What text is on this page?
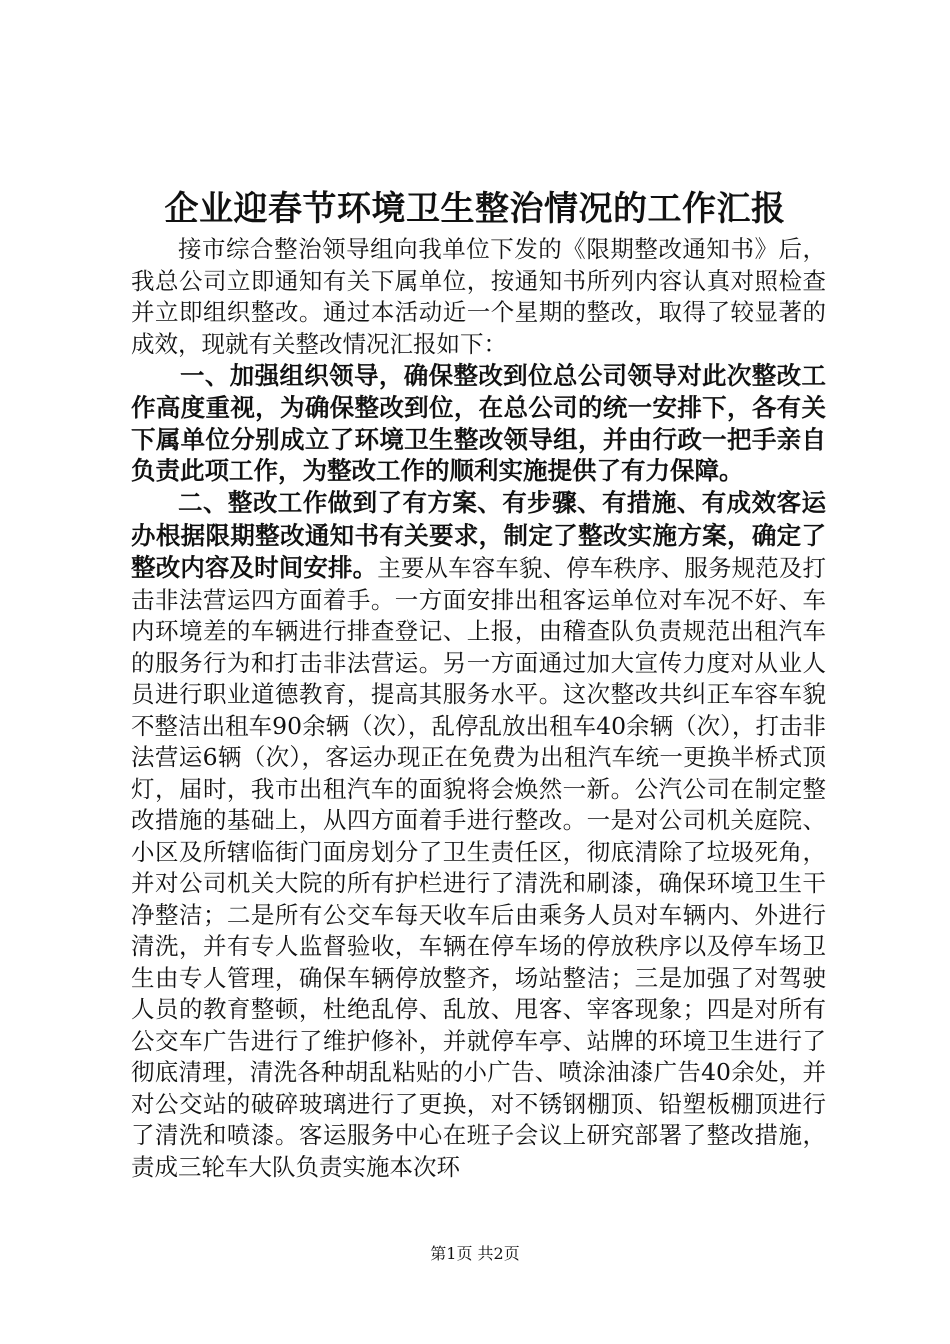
企业迎春节环境卫生整治情况的工作汇报

接市综合整治领导组向我单位下发的《限期整改通知书》后，我总公司立即通知有关下属单位，按通知书所列内容认真对照检查并立即组织整改。通过本活动近一个星期的整改，取得了较显著的成效，现就有关整改情况汇报如下：

一、加强组织领导，确保整改到位总公司领导对此次整改工作高度重视，为确保整改到位，在总公司的统一安排下，各有关下属单位分别成立了环境卫生整改领导组，并由行政一把手亲自负责此项工作，为整改工作的顺利实施提供了有力保障。

二、整改工作做到了有方案、有步骤、有措施、有成效客运办根据限期整改通知书有关要求，制定了整改实施方案，确定了整改内容及时间安排。主要从车容车貌、停车秩序、服务规范及打击非法营运四方面着手。一方面安排出租客运单位对车况不好、车内环境差的车辆进行排查登记、上报，由稽查队负责规范出租汽车的服务行为和打击非法营运。另一方面通过加大宣传力度对从业人员进行职业道德教育，提高其服务水平。这次整改共纠正车容车貌不整洁出租车90余辆（次），乱停乱放出租车40余辆（次），打击非法营运6辆（次），客运办现正在免费为出租汽车统一更换半桥式顶灯，届时，我市出租汽车的面貌将会焕然一新。公汽公司在制定整改措施的基础上，从四方面着手进行整改。一是对公司机关庭院、小区及所辖临街门面房划分了卫生责任区，彻底清除了垃圾死角，并对公司机关大院的所有护栏进行了清洗和刷漆，确保环境卫生干净整洁；二是所有公交车每天收车后由乘务人员对车辆内、外进行清洗，并有专人监督验收，车辆在停车场的停放秩序以及停车场卫生由专人管理，确保车辆停放整齐，场站整洁；三是加强了对驾驶人员的教育整顿，杜绝乱停、乱放、甩客、宰客现象；四是对所有公交车广告进行了维护修补，并就停车亭、站牌的环境卫生进行了彻底清理，清洗各种胡乱粘贴的小广告、喷涂油漆广告40余处，并对公交站的破碎玻璃进行了更换，对不锈钢棚顶、铅塑板棚顶进行了清洗和喷漆。客运服务中心在班子会议上研究部署了整改措施，责成三轮车大队负责实施本次环

第1页 共2页
